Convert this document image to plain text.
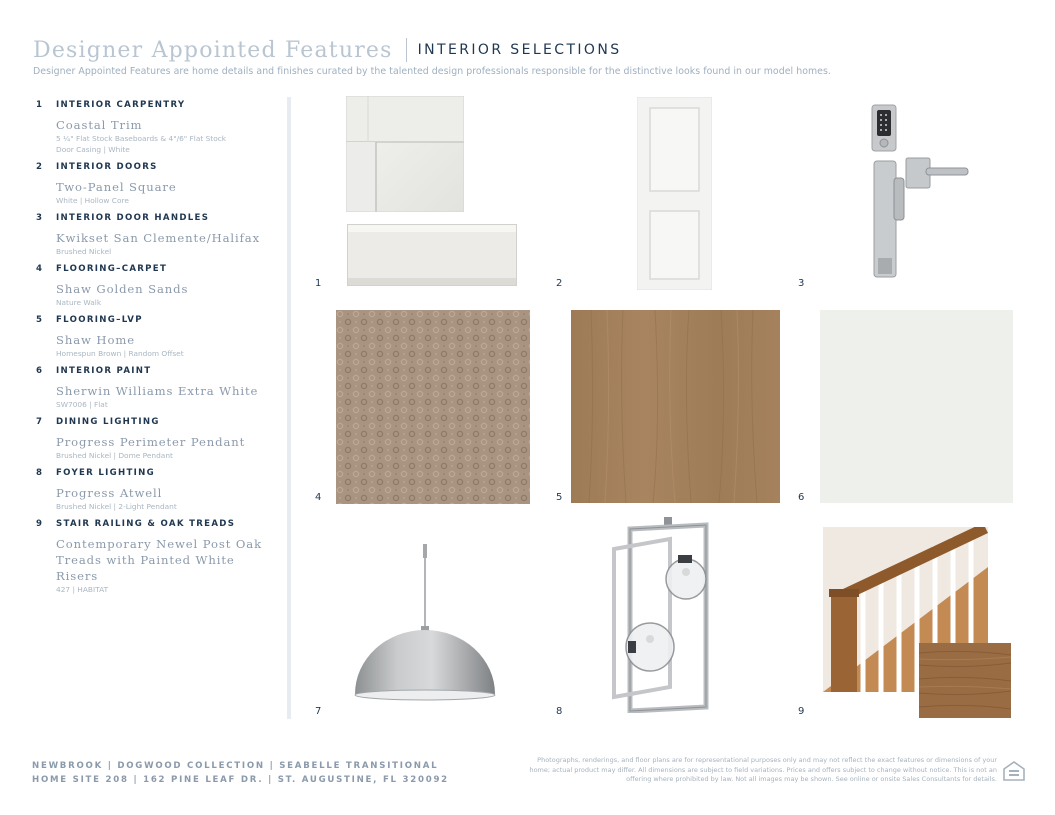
Designer Appointed Features INTERIOR SELECTIONS
Designer Appointed Features are home details and finishes curated by the talented design professionals responsible for the distinctive looks found in our model homes.
1	INTERIOR CARPENTRY
Coastal Trim
5 ¼" Flat Stock Baseboards & 4"/6" Flat Stock
Door Casing | White
2	INTERIOR DOORS
Two-Panel Square
White | Hollow Core
3	INTERIOR DOOR HANDLES
Kwikset San Clemente/Halifax
Brushed Nickel
4	FLOORING–CARPET
Shaw Golden Sands
Nature Walk
5	FLOORING–LVP
Shaw Home
Homespun Brown | Random Offset
6	INTERIOR PAINT
Sherwin Williams Extra White
SW7006 | Flat
7	DINING LIGHTING
Progress Perimeter Pendant
Brushed Nickel | Dome Pendant
8	FOYER LIGHTING
Progress Atwell
Brushed Nickel | 2-Light Pendant
9	STAIR RAILING & OAK TREADS
Contemporary Newel Post Oak Treads with Painted White Risers
427 | HABITAT
1	2	3
4	5	6
7	8	9
NEWBROOK | DOGWOOD COLLECTION | SEABELLE TRANSITIONAL
HOME SITE 208 | 162 PINE LEAF DR. | ST. AUGUSTINE, FL 320092
Photographs, renderings, and floor plans are for representational purposes only and may not reflect the exact features or dimensions of your home; actual product may differ. All dimensions are subject to field variations. Prices and offers subject to change without notice. This is not an offering where prohibited by law. Not all images may be shown. See online or onsite Sales Consultants for details.
